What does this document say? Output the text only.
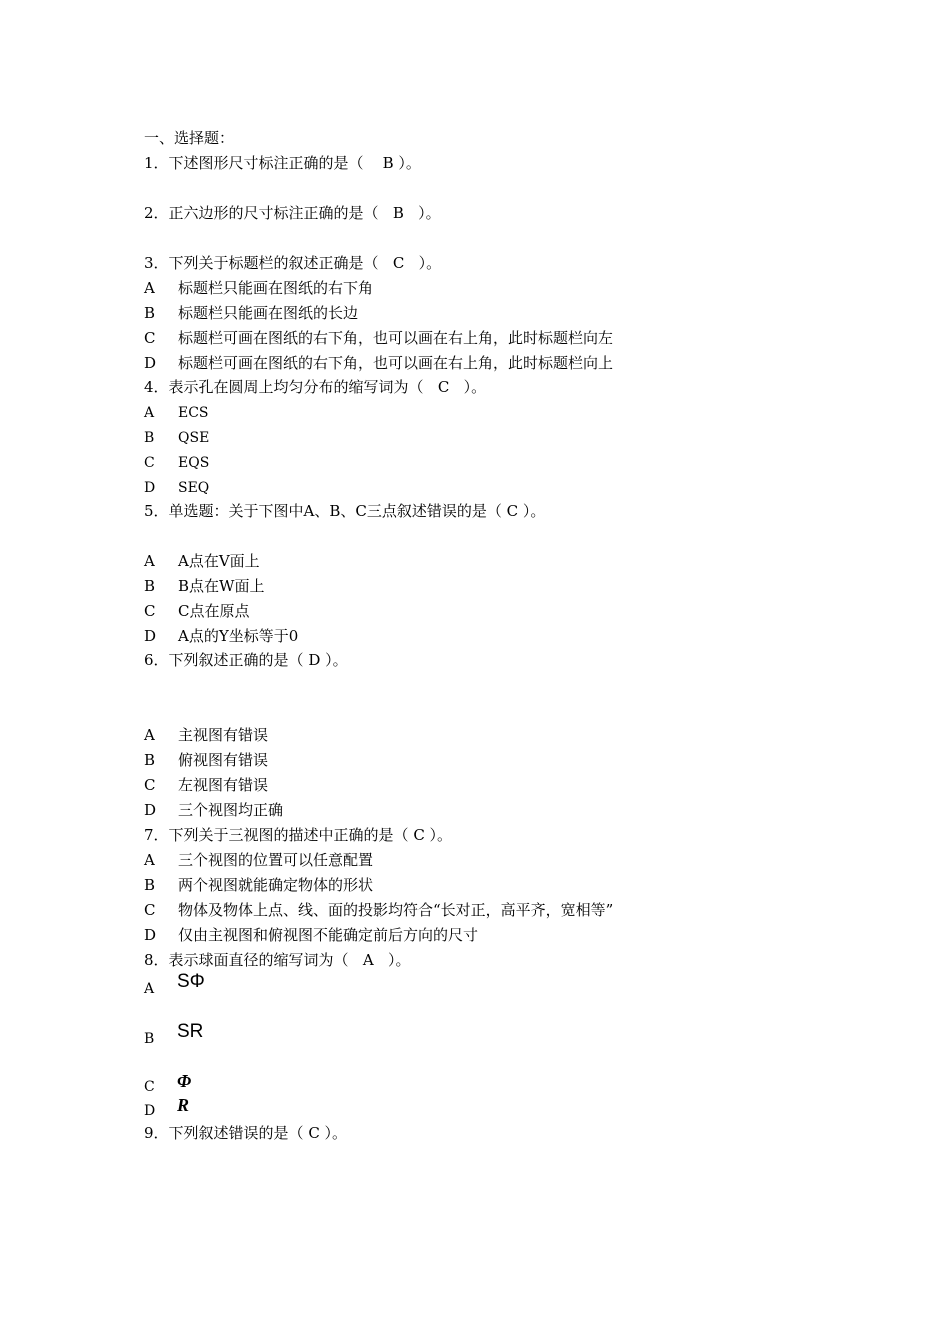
一、选择题：
1．下述图形尺寸标注正确的是（    B ）。
2．正六边形的尺寸标注正确的是（   B   ）。
3．下列关于标题栏的叙述正确是（   C   ）。
A 标题栏只能画在图纸的右下角
B 标题栏只能画在图纸的长边
C 标题栏可画在图纸的右下角，也可以画在右上角，此时标题栏向左
D 标题栏可画在图纸的右下角，也可以画在右上角，此时标题栏向上
4．表示孔在圆周上均匀分布的缩写词为（   C   ）。
A ECS
B QSE
C EQS
D SEQ
5．单选题：关于下图中A、B、C三点叙述错误的是（ C ）。
A A点在V面上
B B点在W面上
C C点在原点
D A点的Y坐标等于0
6．下列叙述正确的是（ D ）。
A 主视图有错误
B 俯视图有错误
C 左视图有错误
D 三个视图均正确
7．下列关于三视图的描述中正确的是（ C ）。
A 三个视图的位置可以任意配置
B 两个视图就能确定物体的形状
C 物体及物体上点、线、面的投影均符合“长对正，高平齐，宽相等”
D 仅由主视图和俯视图不能确定前后方向的尺寸
8．表示球面直径的缩写词为（   A   ）。
A SΦ
B SR
C Φ
D R
9．下列叙述错误的是（ C ）。
